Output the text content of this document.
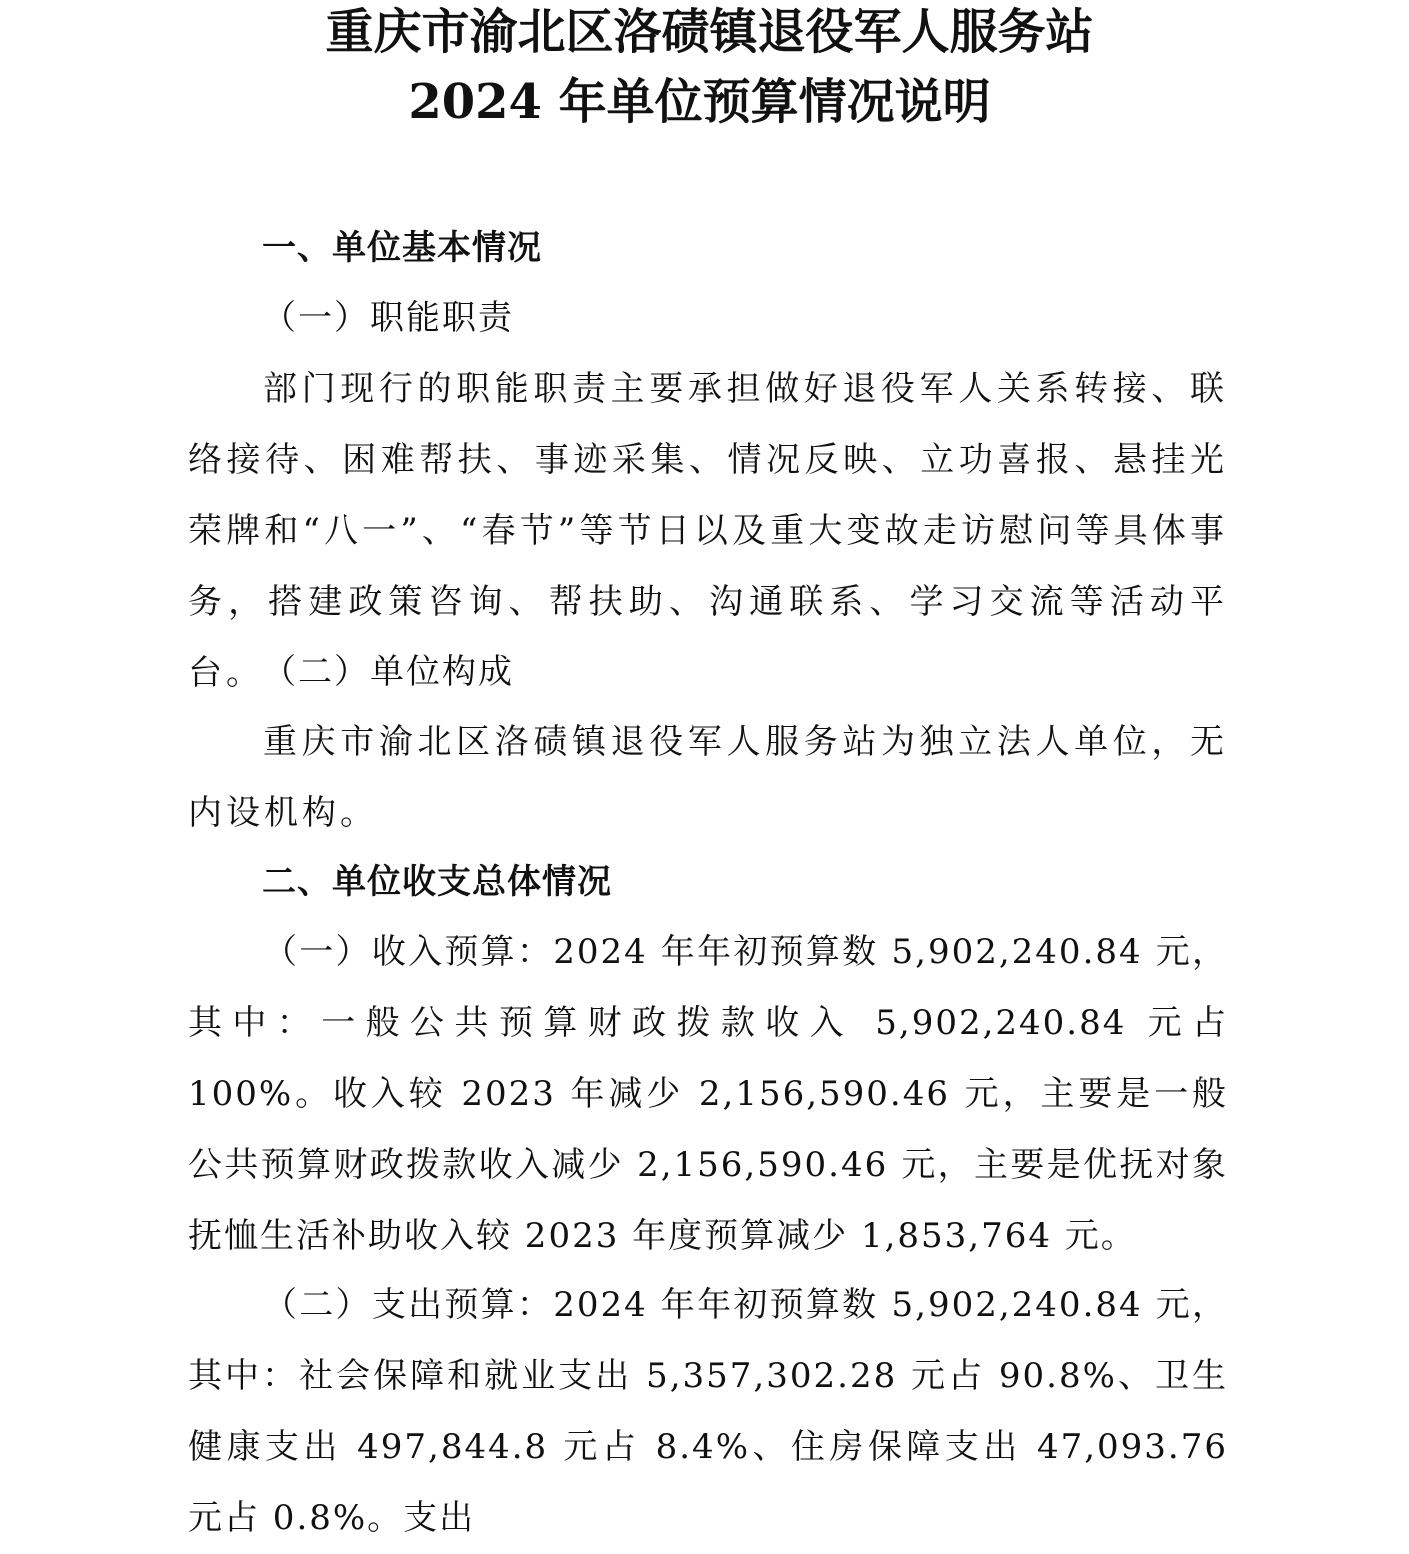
重庆市渝北区洛碛镇退役军人服务站
2024 年单位预算情况说明
一、单位基本情况
（一）职能职责
部门现行的职能职责主要承担做好退役军人关系转接、联络接待、困难帮扶、事迹采集、情况反映、立功喜报、悬挂光荣牌和“八一”、“春节”等节日以及重大变故走访慰问等具体事务，搭建政策咨询、帮扶助、沟通联系、学习交流等活动平台。
（二）单位构成
重庆市渝北区洛碛镇退役军人服务站为独立法人单位，无内设机构。
二、单位收支总体情况
（一）收入预算：2024 年年初预算数 5,902,240.84 元，其中：一般公共预算财政拨款收入 5,902,240.84 元占 100%。收入较 2023 年减少 2,156,590.46 元，主要是一般公共预算财政拨款收入减少 2,156,590.46 元，主要是优抚对象抚恤生活补助收入较 2023 年度预算减少 1,853,764 元。
（二）支出预算：2024 年年初预算数 5,902,240.84 元，其中：社会保障和就业支出 5,357,302.28 元占 90.8%、卫生健康支出 497,844.8 元占 8.4%、住房保障支出 47,093.76 元占 0.8%。支出
